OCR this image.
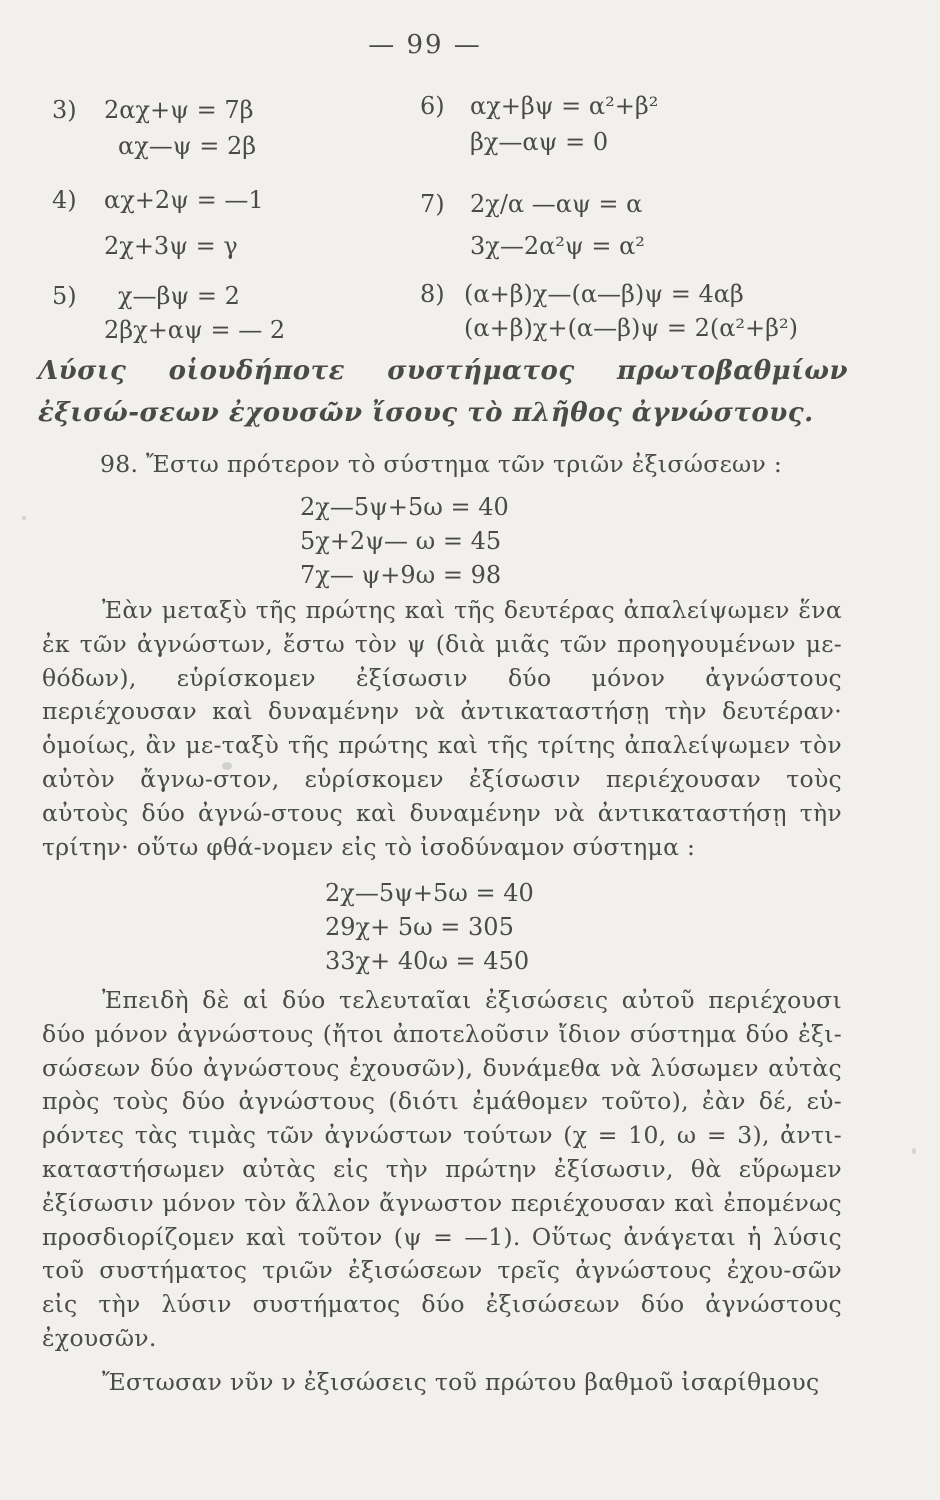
— 99 —
3) 2αχ+ψ = 7β
αχ—ψ = 2β
4) αχ+2ψ = —1
2χ+3ψ = γ
5) χ—βψ = 2
2βχ+αψ = — 2
6) αχ+βψ = α²+β²
βχ—αψ = 0
7) 2χ/α —αψ = α
3χ—2α²ψ = α²
8) (α+β)χ—(α—β)ψ = 4αβ
(α+β)χ+(α—β)ψ = 2(α²+β²)
Λύσις οἱουδήποτε συστήματος πρωτοβαθμίων ἐξισώ-σεων ἐχουσῶν ἴσους τὸ πλῆθος ἀγνώστους.
98. Ἔστω πρότερον τὸ σύστημα τῶν τριῶν ἐξισώσεων :
2χ—5ψ+5ω = 40
5χ+2ψ— ω = 45
7χ— ψ+9ω = 98
Ἐὰν μεταξὺ τῆς πρώτης καὶ τῆς δευτέρας ἀπαλείψωμεν ἕνα ἐκ τῶν ἀγνώστων, ἔστω τὸν ψ (διὰ μιᾶς τῶν προηγουμένων με-θόδων), εὑρίσκομεν ἐξίσωσιν δύο μόνον ἀγνώστους περιέχουσαν καὶ δυναμένην νὰ ἀντικαταστήσῃ τὴν δευτέραν· ὁμοίως, ἂν με-ταξὺ τῆς πρώτης καὶ τῆς τρίτης ἀπαλείψωμεν τὸν αὐτὸν ἄγνω-στον, εὑρίσκομεν ἐξίσωσιν περιέχουσαν τοὺς αὐτοὺς δύο ἀγνώ-στους καὶ δυναμένην νὰ ἀντικαταστήσῃ τὴν τρίτην· οὕτω φθά-νομεν εἰς τὸ ἰσοδύναμον σύστημα :
2χ—5ψ+5ω = 40
29χ+ 5ω = 305
33χ+ 40ω = 450
Ἐπειδὴ δὲ αἱ δύο τελευταῖαι ἐξισώσεις αὐτοῦ περιέχουσι δύο μόνον ἀγνώστους (ἤτοι ἀποτελοῦσιν ἴδιον σύστημα δύο ἐξι-σώσεων δύο ἀγνώστους ἐχουσῶν), δυνάμεθα νὰ λύσωμεν αὐτὰς πρὸς τοὺς δύο ἀγνώστους (διότι ἐμάθομεν τοῦτο), ἐὰν δέ, εὑ-ρόντες τὰς τιμὰς τῶν ἀγνώστων τούτων (χ = 10, ω = 3), ἀντι-καταστήσωμεν αὐτὰς εἰς τὴν πρώτην ἐξίσωσιν, θὰ εὕρωμεν ἐξίσωσιν μόνον τὸν ἄλλον ἄγνωστον περιέχουσαν καὶ ἐπομένως προσδιορίζομεν καὶ τοῦτον (ψ = —1). Οὕτως ἀνάγεται ἡ λύσις τοῦ συστήματος τριῶν ἐξισώσεων τρεῖς ἀγνώστους ἐχου-σῶν εἰς τὴν λύσιν συστήματος δύο ἐξισώσεων δύο ἀγνώστους ἐχουσῶν.
Ἔστωσαν νῦν ν ἐξισώσεις τοῦ πρώτου βαθμοῦ ἰσαρίθμους
